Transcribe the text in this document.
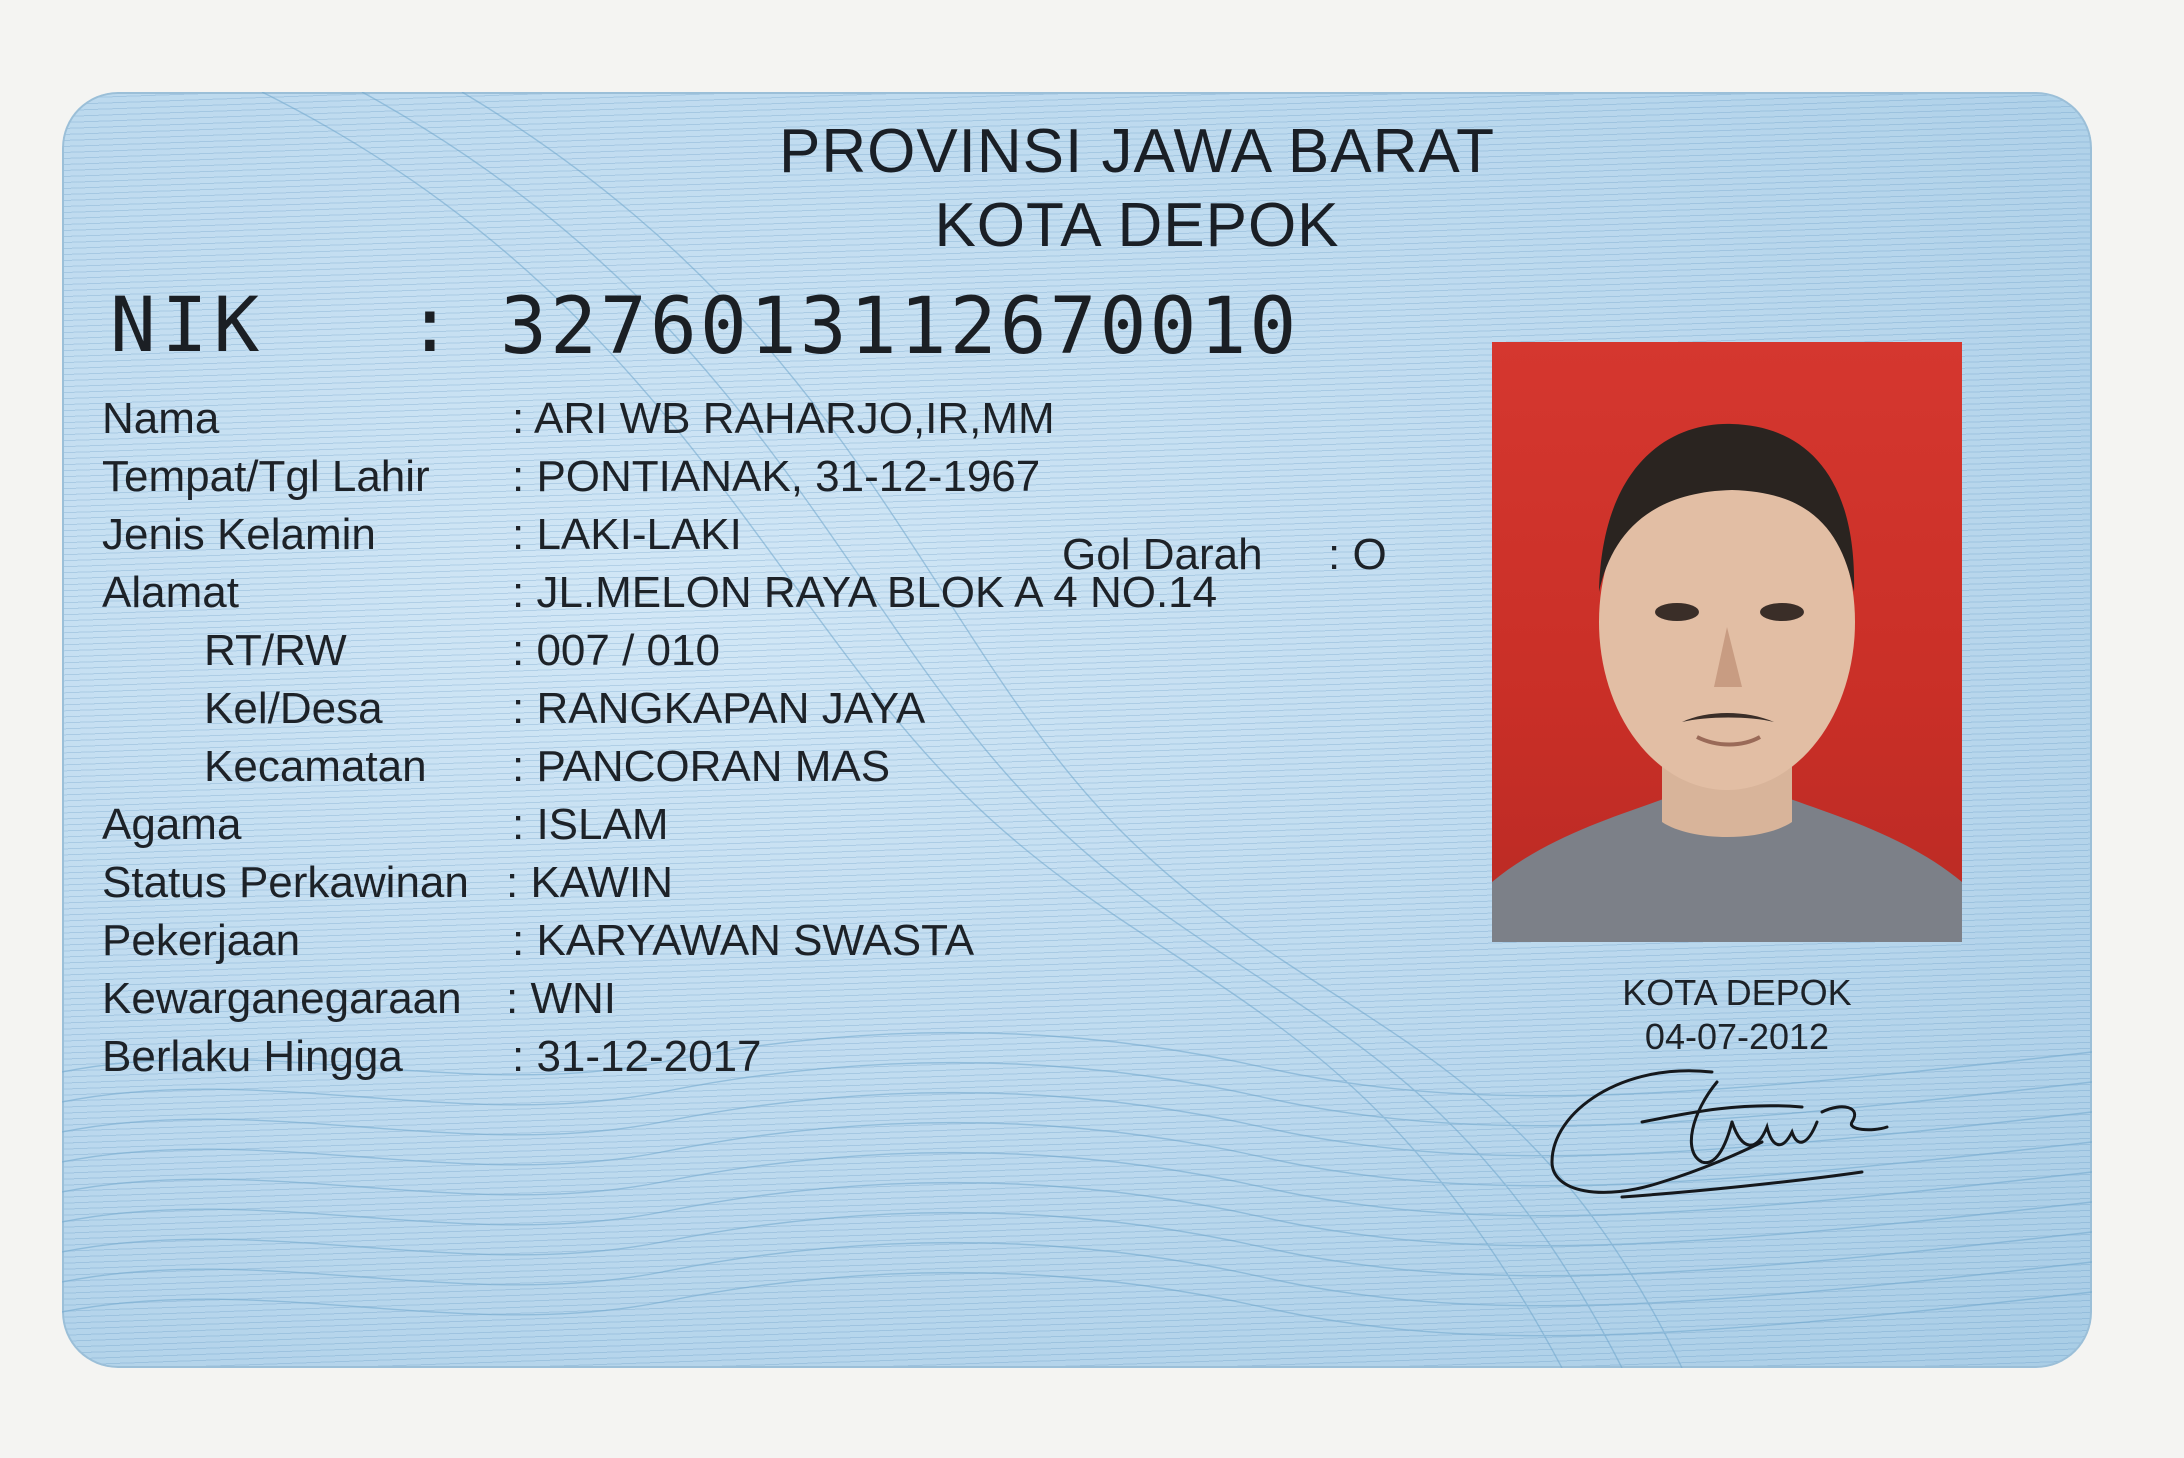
PROVINSI JAWA BARAT
KOTA DEPOK
NIK : 3276013112670010
Nama	: ARI WB RAHARJO,IR,MM
Tempat/Tgl Lahir : PONTIANAK, 31-12-1967
Jenis Kelamin	: LAKI-LAKI	Gol Darah : O
Alamat	: JL.MELON RAYA BLOK A 4 NO.14
RT/RW	: 007 / 010
Kel/Desa	: RANGKAPAN JAYA
Kecamatan : PANCORAN MAS
Agama	: ISLAM
Status Perkawinan : KAWIN
Pekerjaan	: KARYAWAN SWASTA
Kewarganegaraan : WNI
Berlaku Hingga : 31-12-2017
KOTA DEPOK
04-07-2012
